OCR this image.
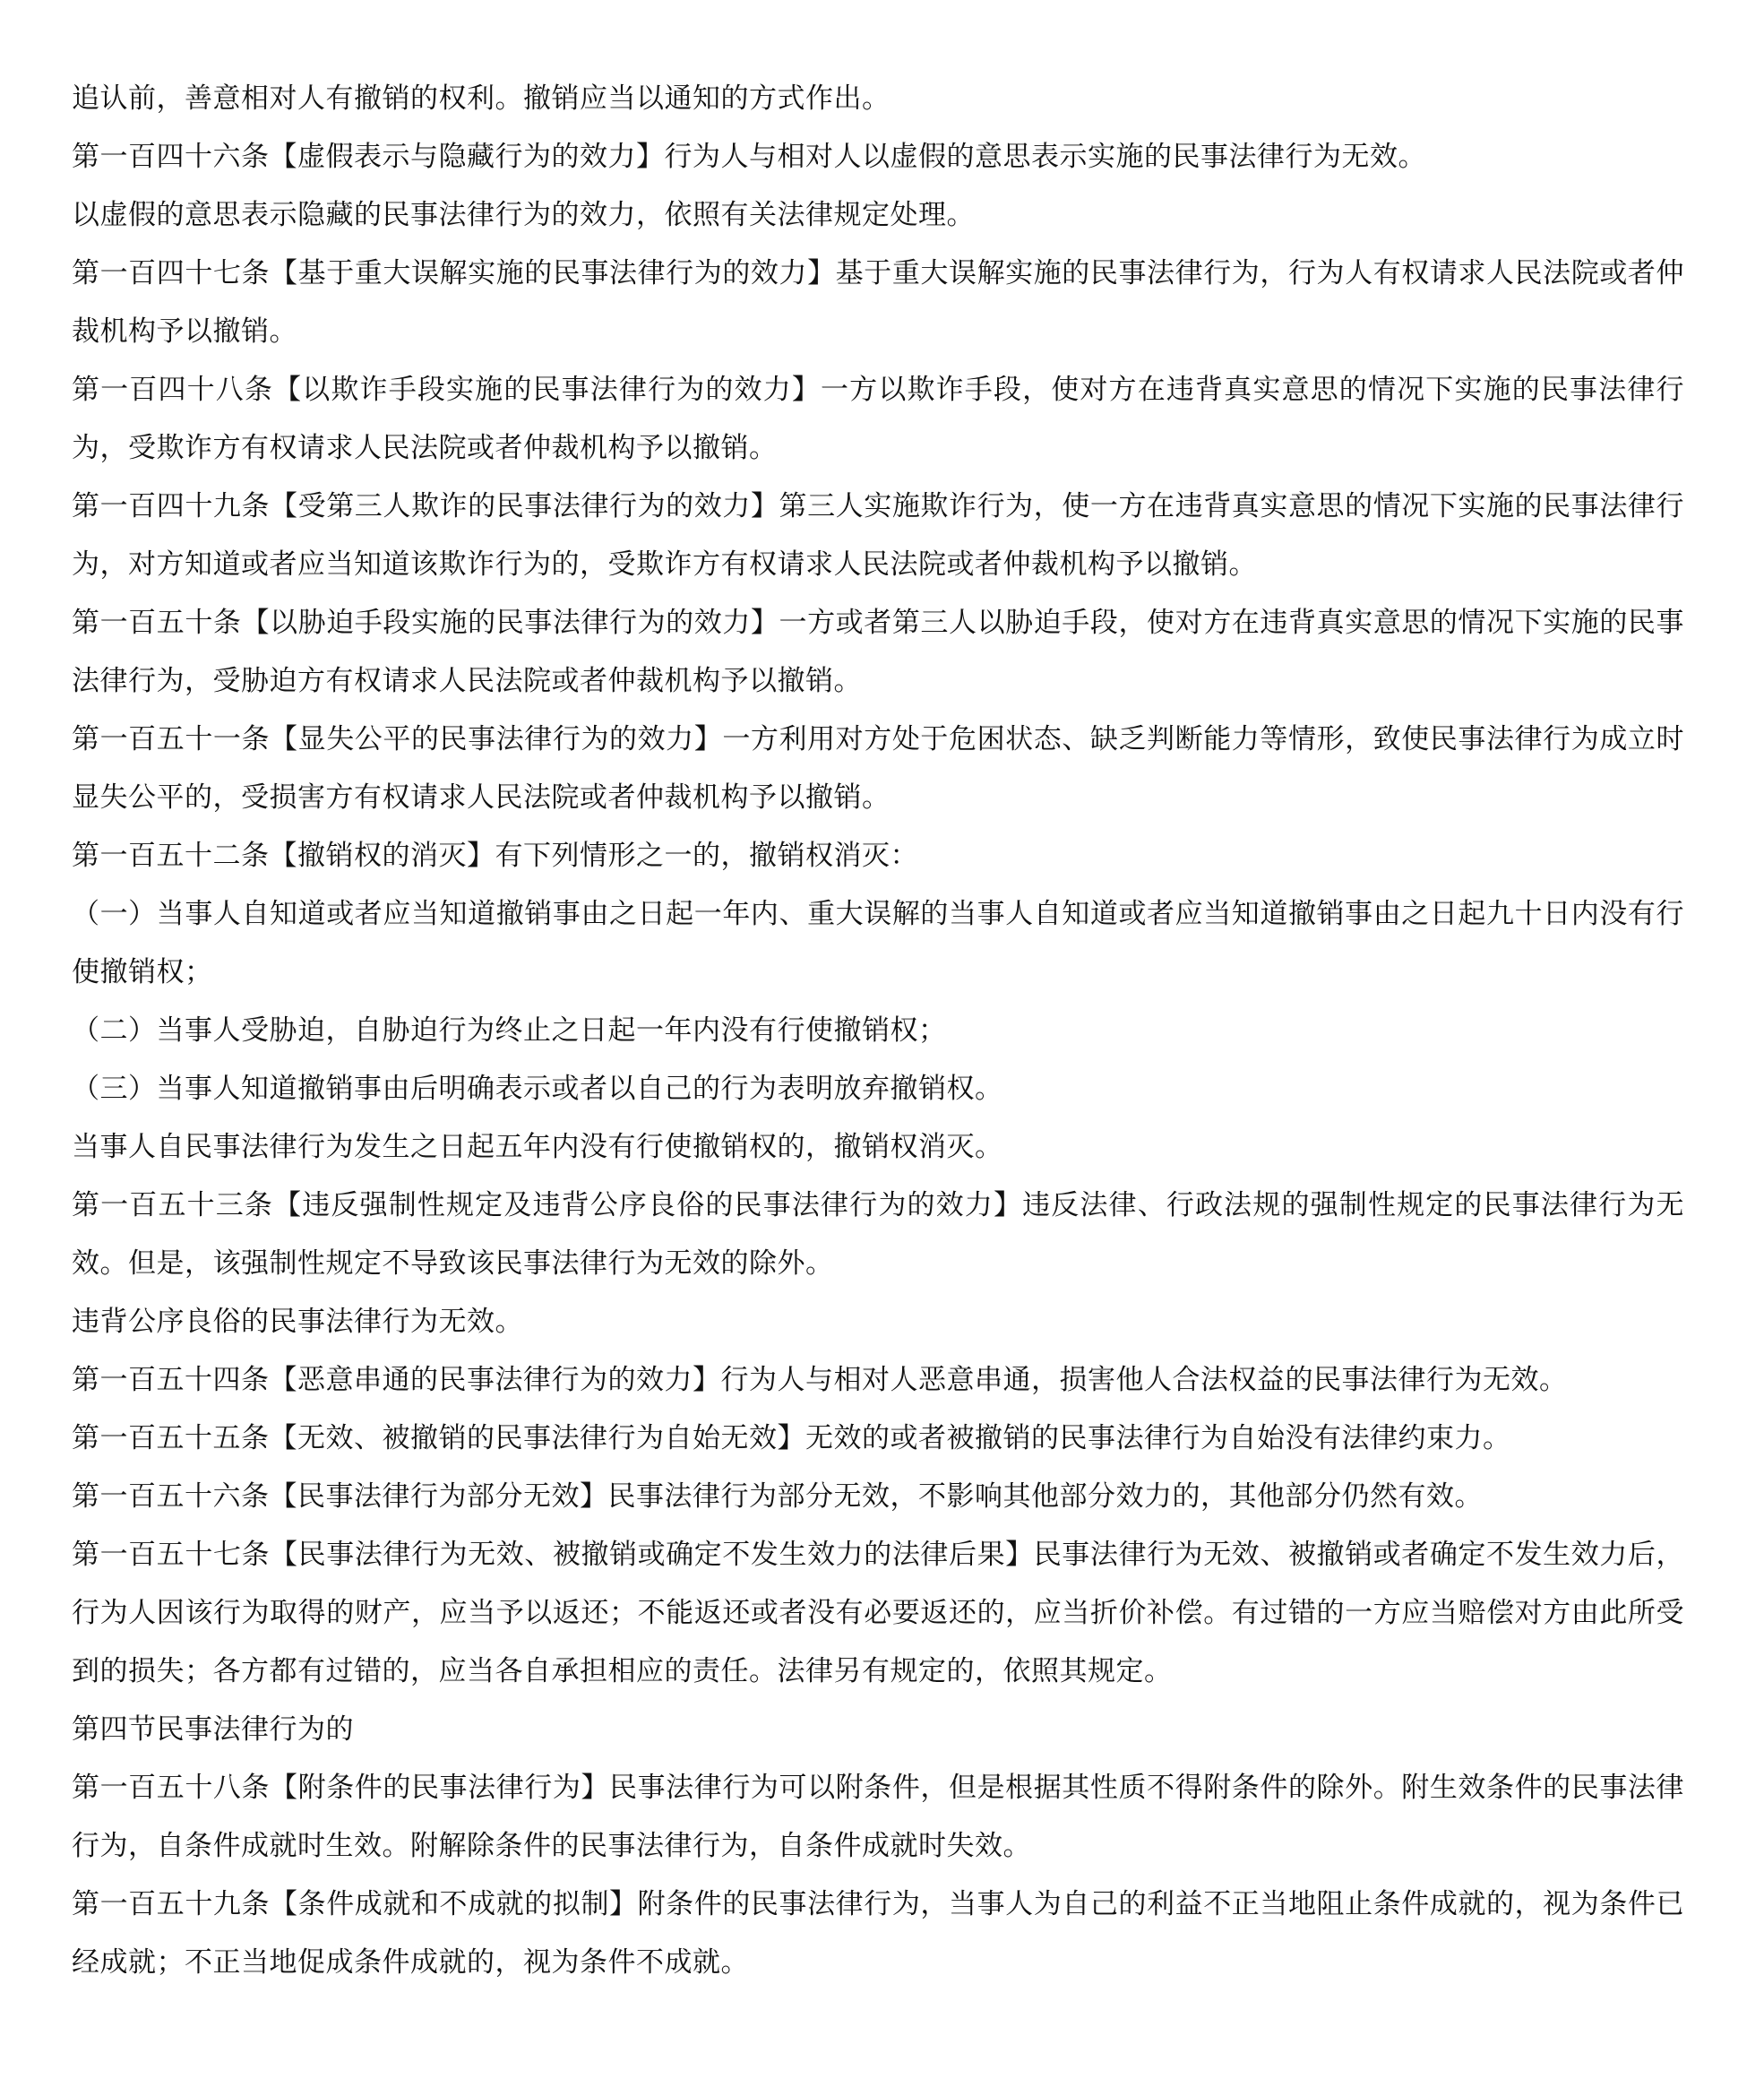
追认前，善意相对人有撤销的权利。撤销应当以通知的方式作出。

第一百四十六条【虚假表示与隐藏行为的效力】行为人与相对人以虚假的意思表示实施的民事法律行为无效。

以虚假的意思表示隐藏的民事法律行为的效力，依照有关法律规定处理。

第一百四十七条【基于重大误解实施的民事法律行为的效力】基于重大误解实施的民事法律行为，行为人有权请求人民法院或者仲裁机构予以撤销。

第一百四十八条【以欺诈手段实施的民事法律行为的效力】一方以欺诈手段，使对方在违背真实意思的情况下实施的民事法律行为，受欺诈方有权请求人民法院或者仲裁机构予以撤销。

第一百四十九条【受第三人欺诈的民事法律行为的效力】第三人实施欺诈行为，使一方在违背真实意思的情况下实施的民事法律行为，对方知道或者应当知道该欺诈行为的，受欺诈方有权请求人民法院或者仲裁机构予以撤销。

第一百五十条【以胁迫手段实施的民事法律行为的效力】一方或者第三人以胁迫手段，使对方在违背真实意思的情况下实施的民事法律行为，受胁迫方有权请求人民法院或者仲裁机构予以撤销。

第一百五十一条【显失公平的民事法律行为的效力】一方利用对方处于危困状态、缺乏判断能力等情形，致使民事法律行为成立时显失公平的，受损害方有权请求人民法院或者仲裁机构予以撤销。

第一百五十二条【撤销权的消灭】有下列情形之一的，撤销权消灭：

（一）当事人自知道或者应当知道撤销事由之日起一年内、重大误解的当事人自知道或者应当知道撤销事由之日起九十日内没有行使撤销权；

（二）当事人受胁迫，自胁迫行为终止之日起一年内没有行使撤销权；

（三）当事人知道撤销事由后明确表示或者以自己的行为表明放弃撤销权。

当事人自民事法律行为发生之日起五年内没有行使撤销权的，撤销权消灭。

第一百五十三条【违反强制性规定及违背公序良俗的民事法律行为的效力】违反法律、行政法规的强制性规定的民事法律行为无效。但是，该强制性规定不导致该民事法律行为无效的除外。

违背公序良俗的民事法律行为无效。

第一百五十四条【恶意串通的民事法律行为的效力】行为人与相对人恶意串通，损害他人合法权益的民事法律行为无效。

第一百五十五条【无效、被撤销的民事法律行为自始无效】无效的或者被撤销的民事法律行为自始没有法律约束力。

第一百五十六条【民事法律行为部分无效】民事法律行为部分无效，不影响其他部分效力的，其他部分仍然有效。

第一百五十七条【民事法律行为无效、被撤销或确定不发生效力的法律后果】民事法律行为无效、被撤销或者确定不发生效力后，行为人因该行为取得的财产，应当予以返还；不能返还或者没有必要返还的，应当折价补偿。有过错的一方应当赔偿对方由此所受到的损失；各方都有过错的，应当各自承担相应的责任。法律另有规定的，依照其规定。

第四节民事法律行为的

第一百五十八条【附条件的民事法律行为】民事法律行为可以附条件，但是根据其性质不得附条件的除外。附生效条件的民事法律行为，自条件成就时生效。附解除条件的民事法律行为，自条件成就时失效。

第一百五十九条【条件成就和不成就的拟制】附条件的民事法律行为，当事人为自己的利益不正当地阻止条件成就的，视为条件已经成就；不正当地促成条件成就的，视为条件不成就。
